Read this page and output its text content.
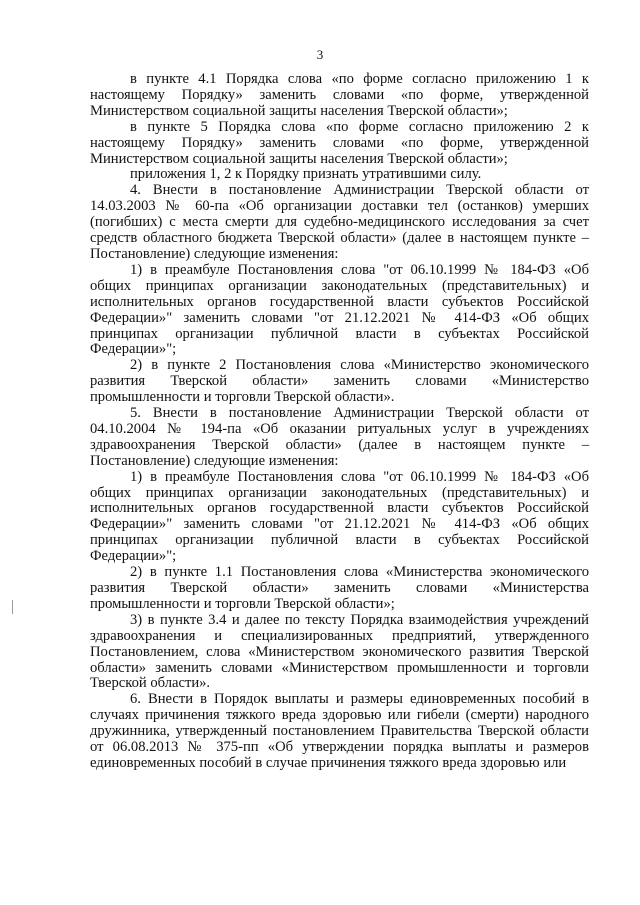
3

в пункте 4.1 Порядка слова «по форме согласно приложению 1 к настоящему Порядку» заменить словами «по форме, утвержденной Министерством социальной защиты населения Тверской области»;

в пункте 5 Порядка слова «по форме согласно приложению 2 к настоящему Порядку» заменить словами «по форме, утвержденной Министерством социальной защиты населения Тверской области»;

приложения 1, 2 к Порядку признать утратившими силу.

4. Внести в постановление Администрации Тверской области от 14.03.2003 № 60-па «Об организации доставки тел (останков) умерших (погибших) с места смерти для судебно-медицинского исследования за счет средств областного бюджета Тверской области» (далее в настоящем пункте – Постановление) следующие изменения:

1) в преамбуле Постановления слова "от 06.10.1999 № 184-ФЗ «Об общих принципах организации законодательных (представительных) и исполнительных органов государственной власти субъектов Российской Федерации»" заменить словами "от 21.12.2021 № 414-ФЗ «Об общих принципах организации публичной власти в субъектах Российской Федерации»";

2) в пункте 2 Постановления слова «Министерство экономического развития Тверской области» заменить словами «Министерство промышленности и торговли Тверской области».

5. Внести в постановление Администрации Тверской области от 04.10.2004 № 194-па «Об оказании ритуальных услуг в учреждениях здравоохранения Тверской области» (далее в настоящем пункте – Постановление) следующие изменения:

1) в преамбуле Постановления слова "от 06.10.1999 № 184-ФЗ «Об общих принципах организации законодательных (представительных) и исполнительных органов государственной власти субъектов Российской Федерации»" заменить словами "от 21.12.2021 № 414-ФЗ «Об общих принципах организации публичной власти в субъектах Российской Федерации»";

2) в пункте 1.1 Постановления слова «Министерства экономического развития Тверской области» заменить словами «Министерства промышленности и торговли Тверской области»;

3) в пункте 3.4 и далее по тексту Порядка взаимодействия учреждений здравоохранения и специализированных предприятий, утвержденного Постановлением, слова «Министерством экономического развития Тверской области» заменить словами «Министерством промышленности и торговли Тверской области».

6. Внести в Порядок выплаты и размеры единовременных пособий в случаях причинения тяжкого вреда здоровью или гибели (смерти) народного дружинника, утвержденный постановлением Правительства Тверской области от 06.08.2013 № 375-пп «Об утверждении порядка выплаты и размеров единовременных пособий в случае причинения тяжкого вреда здоровью или
